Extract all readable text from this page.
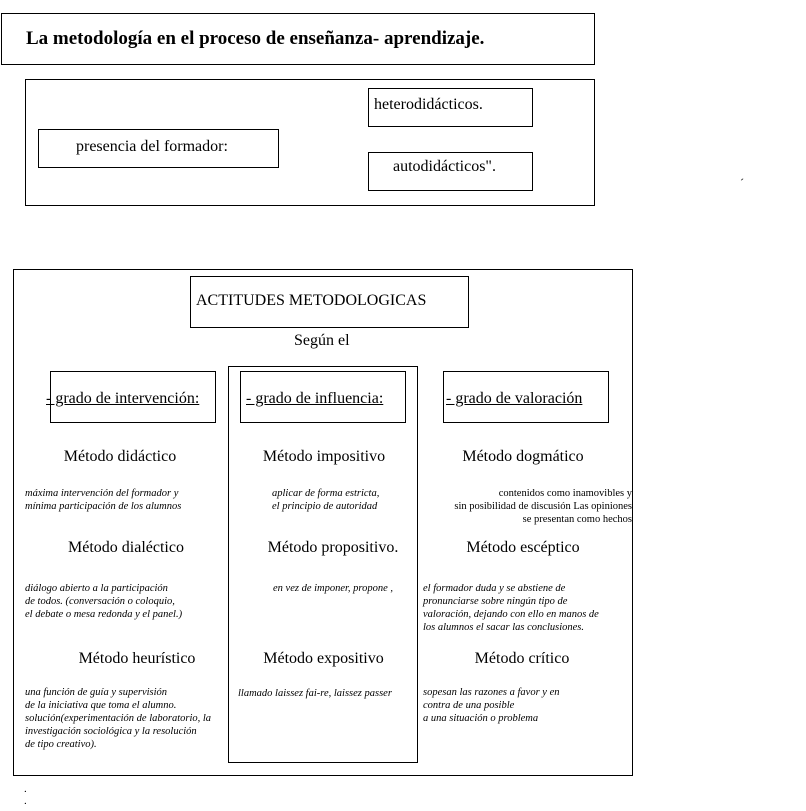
La metodología en el proceso de enseñanza- aprendizaje.
presencia del formador:
heterodidácticos.
autodidácticos".
´
ACTITUDES METODOLOGICAS
Según el
- grado de intervención:	- grado de influencia:	- grado de valoración
Método didáctico
máxima intervención del formador y
mínima participación de los alumnos
Método dialéctico
diálogo abierto a la participación
de todos. (conversación o coloquio,
el debate o mesa redonda y el panel.)
Método heurístico
una función de guía y supervisión
de la iniciativa que toma el alumno.
solución(experimentación de laboratorio, la
investigación sociológica y la resolución
de tipo creativo).
Método impositivo
aplicar de forma estricta,
el principio de autoridad
Método propositivo.
en vez de imponer, propone ,
Método expositivo
llamado laissez fai-re, laissez passer
Método dogmático
contenidos como inamovibles y
sin posibilidad de discusión Las opiniones
se presentan como hechos
Método escéptico
el formador duda y se abstiene de
pronunciarse sobre ningún tipo de
valoración, dejando con ello en manos de
los alumnos el sacar las conclusiones.
Método crítico
sopesan las razones a favor y en
contra de una posible
a una situación o problema
.
.
